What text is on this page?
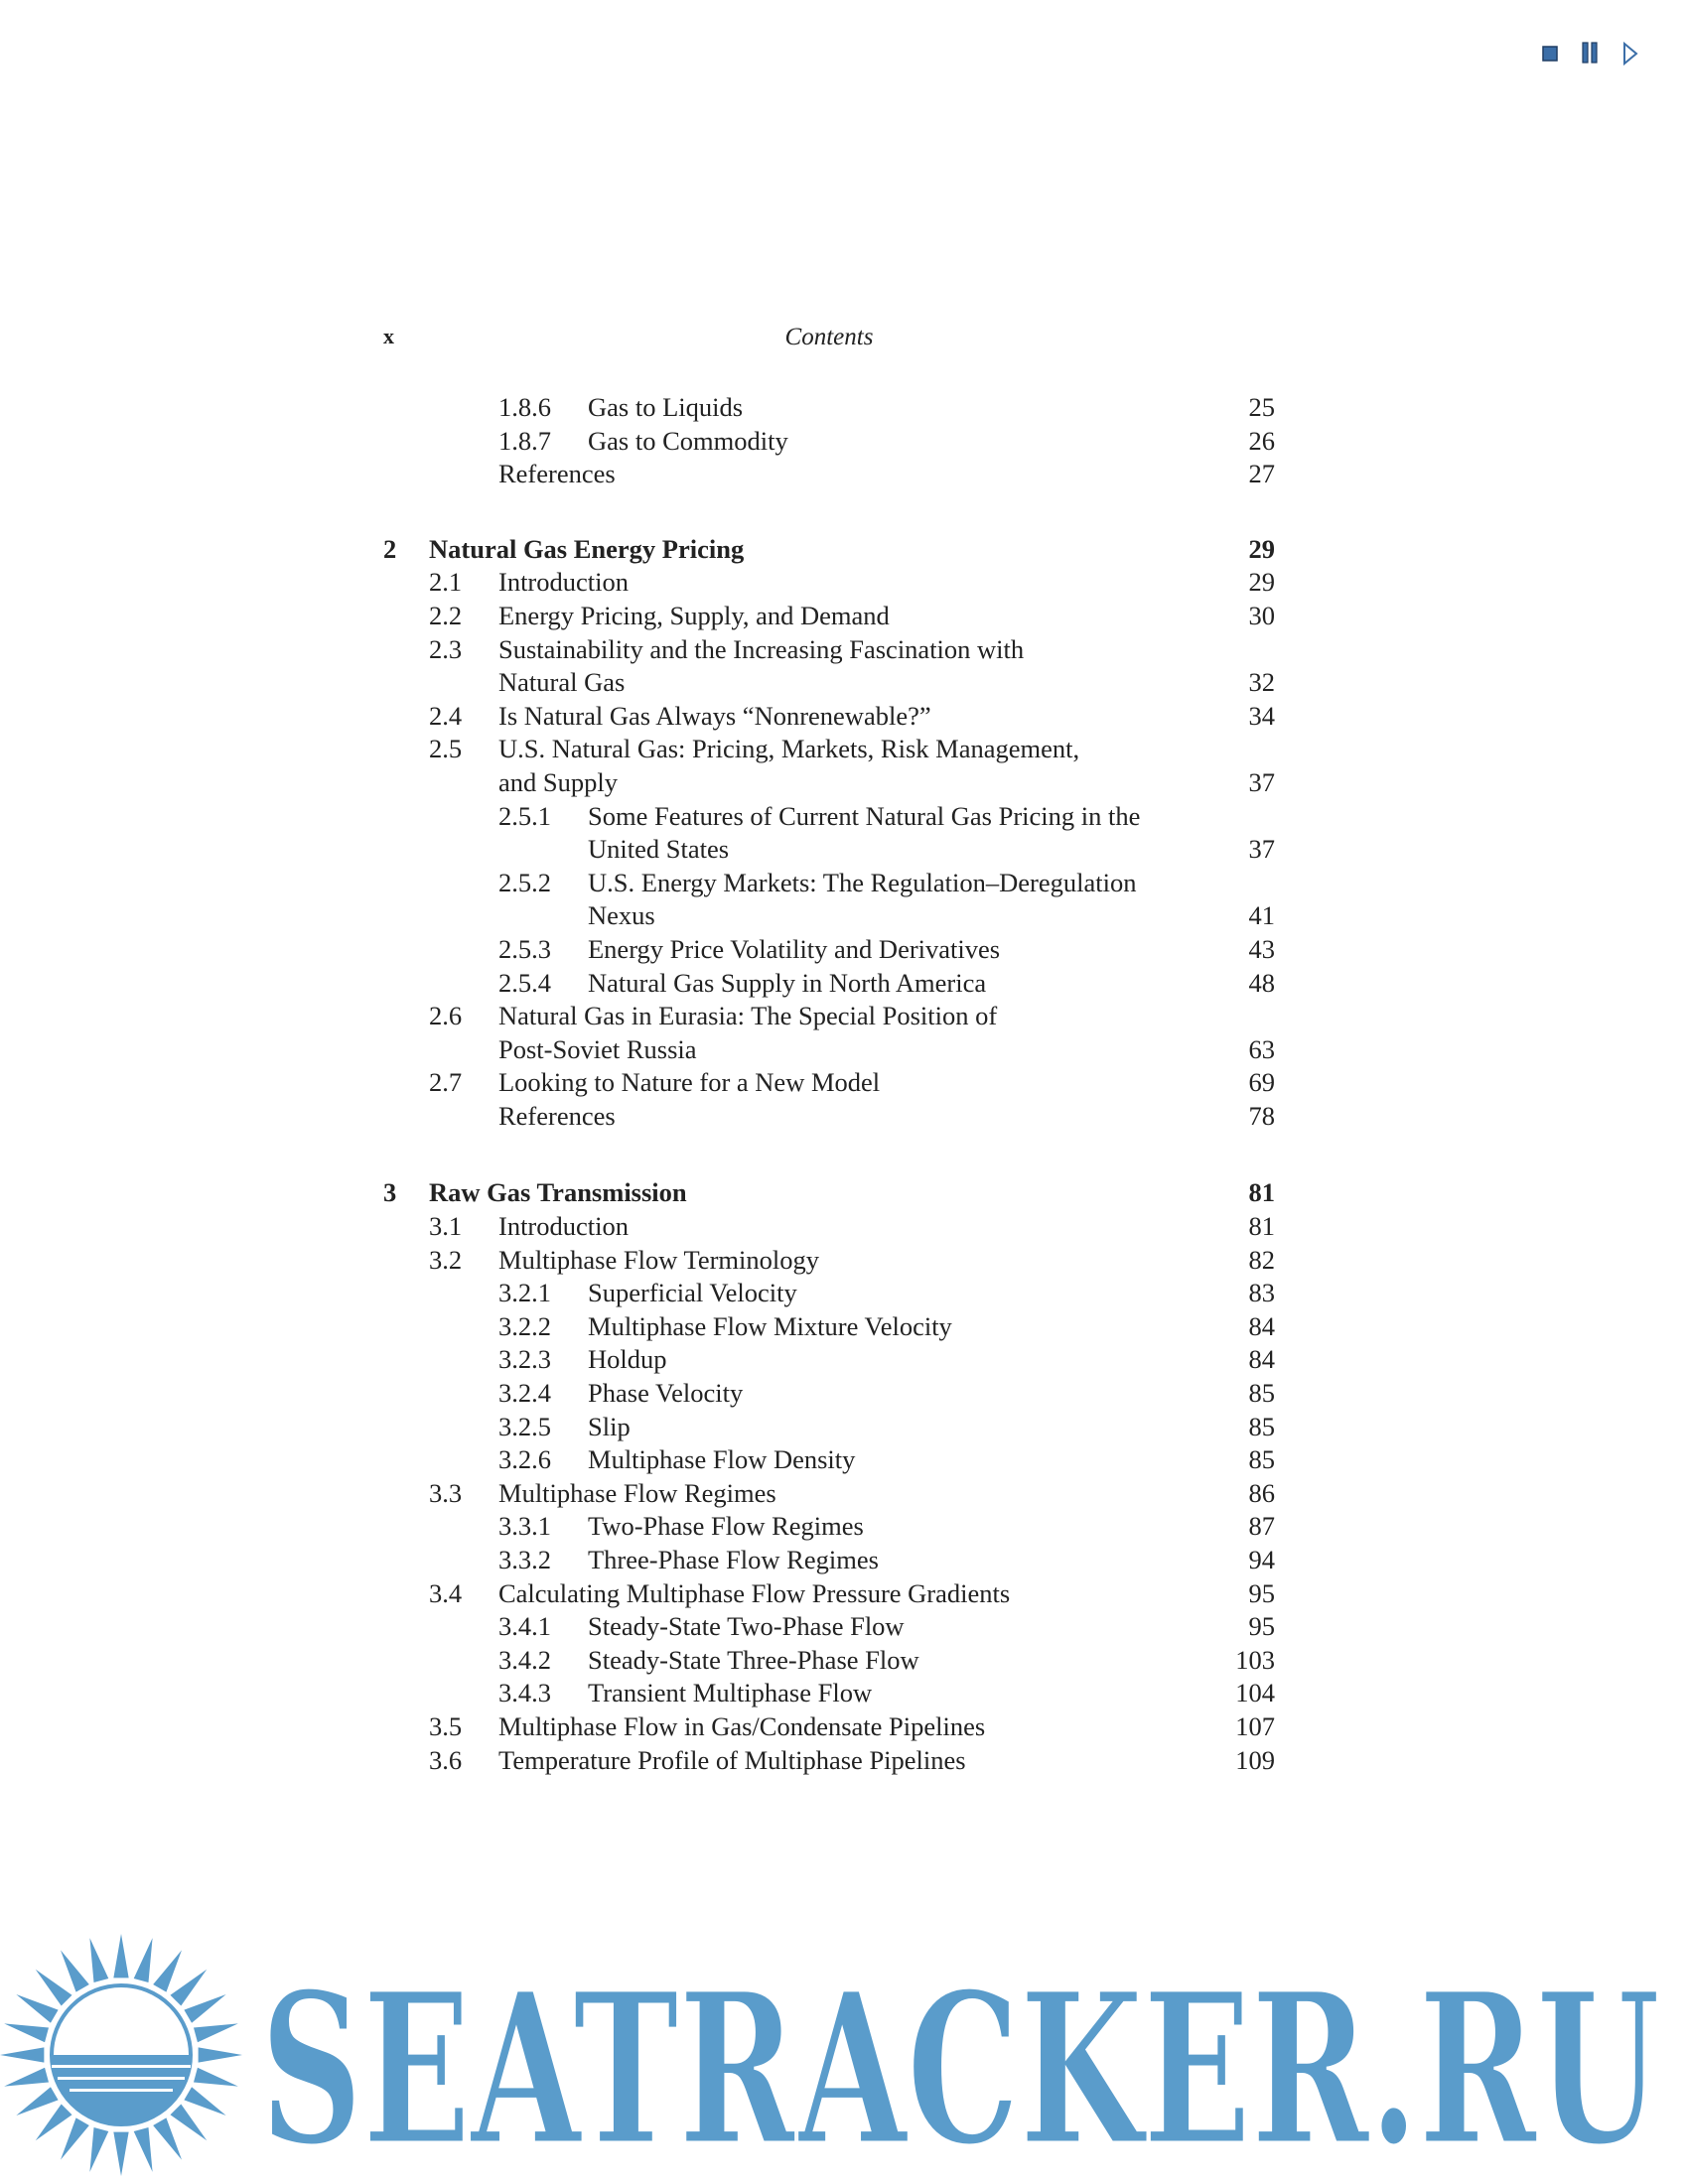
Contents
x
1.8.6 Gas to Liquids	25
1.8.7 Gas to Commodity	26
References	27
2 Natural Gas Energy Pricing	29
2.1 Introduction	29
2.2 Energy Pricing, Supply, and Demand	30
2.3 Sustainability and the Increasing Fascination with
Natural Gas	32
2.4 Is Natural Gas Always “Nonrenewable?”	34
2.5 U.S. Natural Gas: Pricing, Markets, Risk Management,
and Supply	37
2.5.1 Some Features of Current Natural Gas Pricing in the
United States	37
2.5.2 U.S. Energy Markets: The Regulation–Deregulation
Nexus	41
2.5.3 Energy Price Volatility and Derivatives	43
2.5.4 Natural Gas Supply in North America	48
2.6 Natural Gas in Eurasia: The Special Position of
Post-Soviet Russia	63
2.7 Looking to Nature for a New Model	69
References	78
3 Raw Gas Transmission	81
3.1 Introduction	81
3.2 Multiphase Flow Terminology	82
3.2.1 Superficial Velocity	83
3.2.2 Multiphase Flow Mixture Velocity	84
3.2.3 Holdup	84
3.2.4 Phase Velocity	85
3.2.5 Slip	85
3.2.6 Multiphase Flow Density	85
3.3 Multiphase Flow Regimes	86
3.3.1 Two-Phase Flow Regimes	87
3.3.2 Three-Phase Flow Regimes	94
3.4 Calculating Multiphase Flow Pressure Gradients	95
3.4.1 Steady-State Two-Phase Flow	95
3.4.2 Steady-State Three-Phase Flow	103
3.4.3 Transient Multiphase Flow	104
3.5 Multiphase Flow in Gas/Condensate Pipelines	107
3.6 Temperature Profile of Multiphase Pipelines	109
SEATRACKER.RU
